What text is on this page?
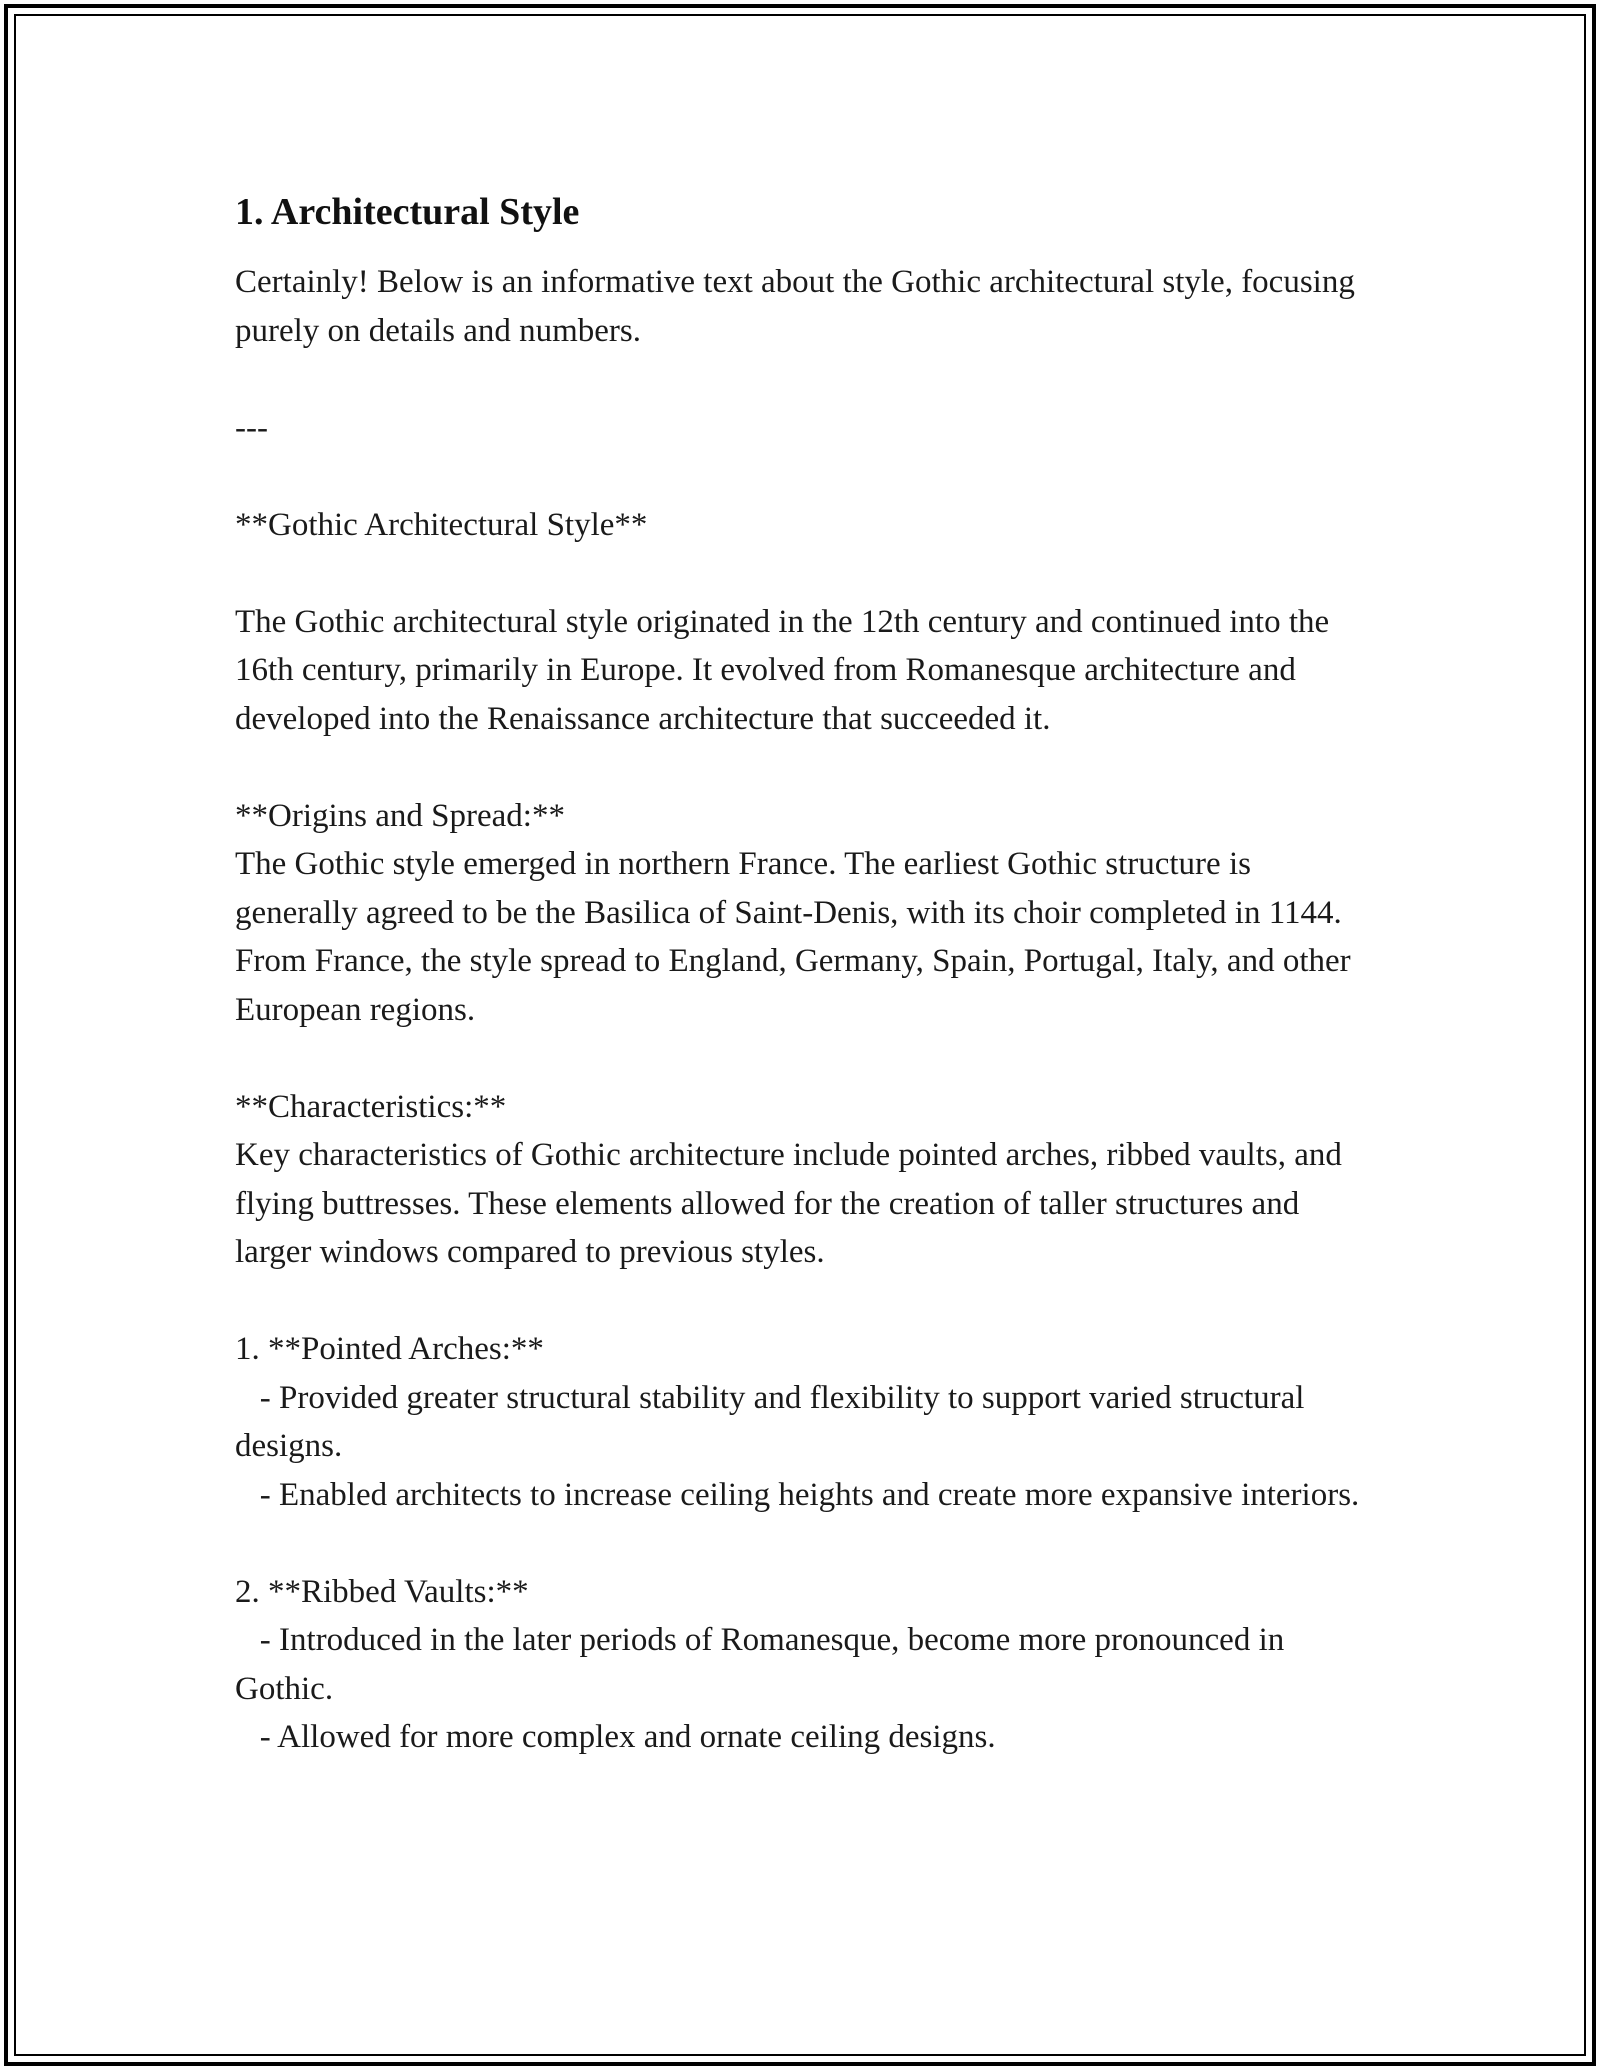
1. Architectural Style

Certainly! Below is an informative text about the Gothic architectural style, focusing purely on details and numbers.

---

**Gothic Architectural Style**

The Gothic architectural style originated in the 12th century and continued into the 16th century, primarily in Europe. It evolved from Romanesque architecture and developed into the Renaissance architecture that succeeded it.

**Origins and Spread:**
The Gothic style emerged in northern France. The earliest Gothic structure is generally agreed to be the Basilica of Saint-Denis, with its choir completed in 1144. From France, the style spread to England, Germany, Spain, Portugal, Italy, and other European regions.

**Characteristics:**
Key characteristics of Gothic architecture include pointed arches, ribbed vaults, and flying buttresses. These elements allowed for the creation of taller structures and larger windows compared to previous styles.

1. **Pointed Arches:**
- Provided greater structural stability and flexibility to support varied structural designs.
- Enabled architects to increase ceiling heights and create more expansive interiors.

2. **Ribbed Vaults:**
- Introduced in the later periods of Romanesque, become more pronounced in Gothic.
- Allowed for more complex and ornate ceiling designs.
